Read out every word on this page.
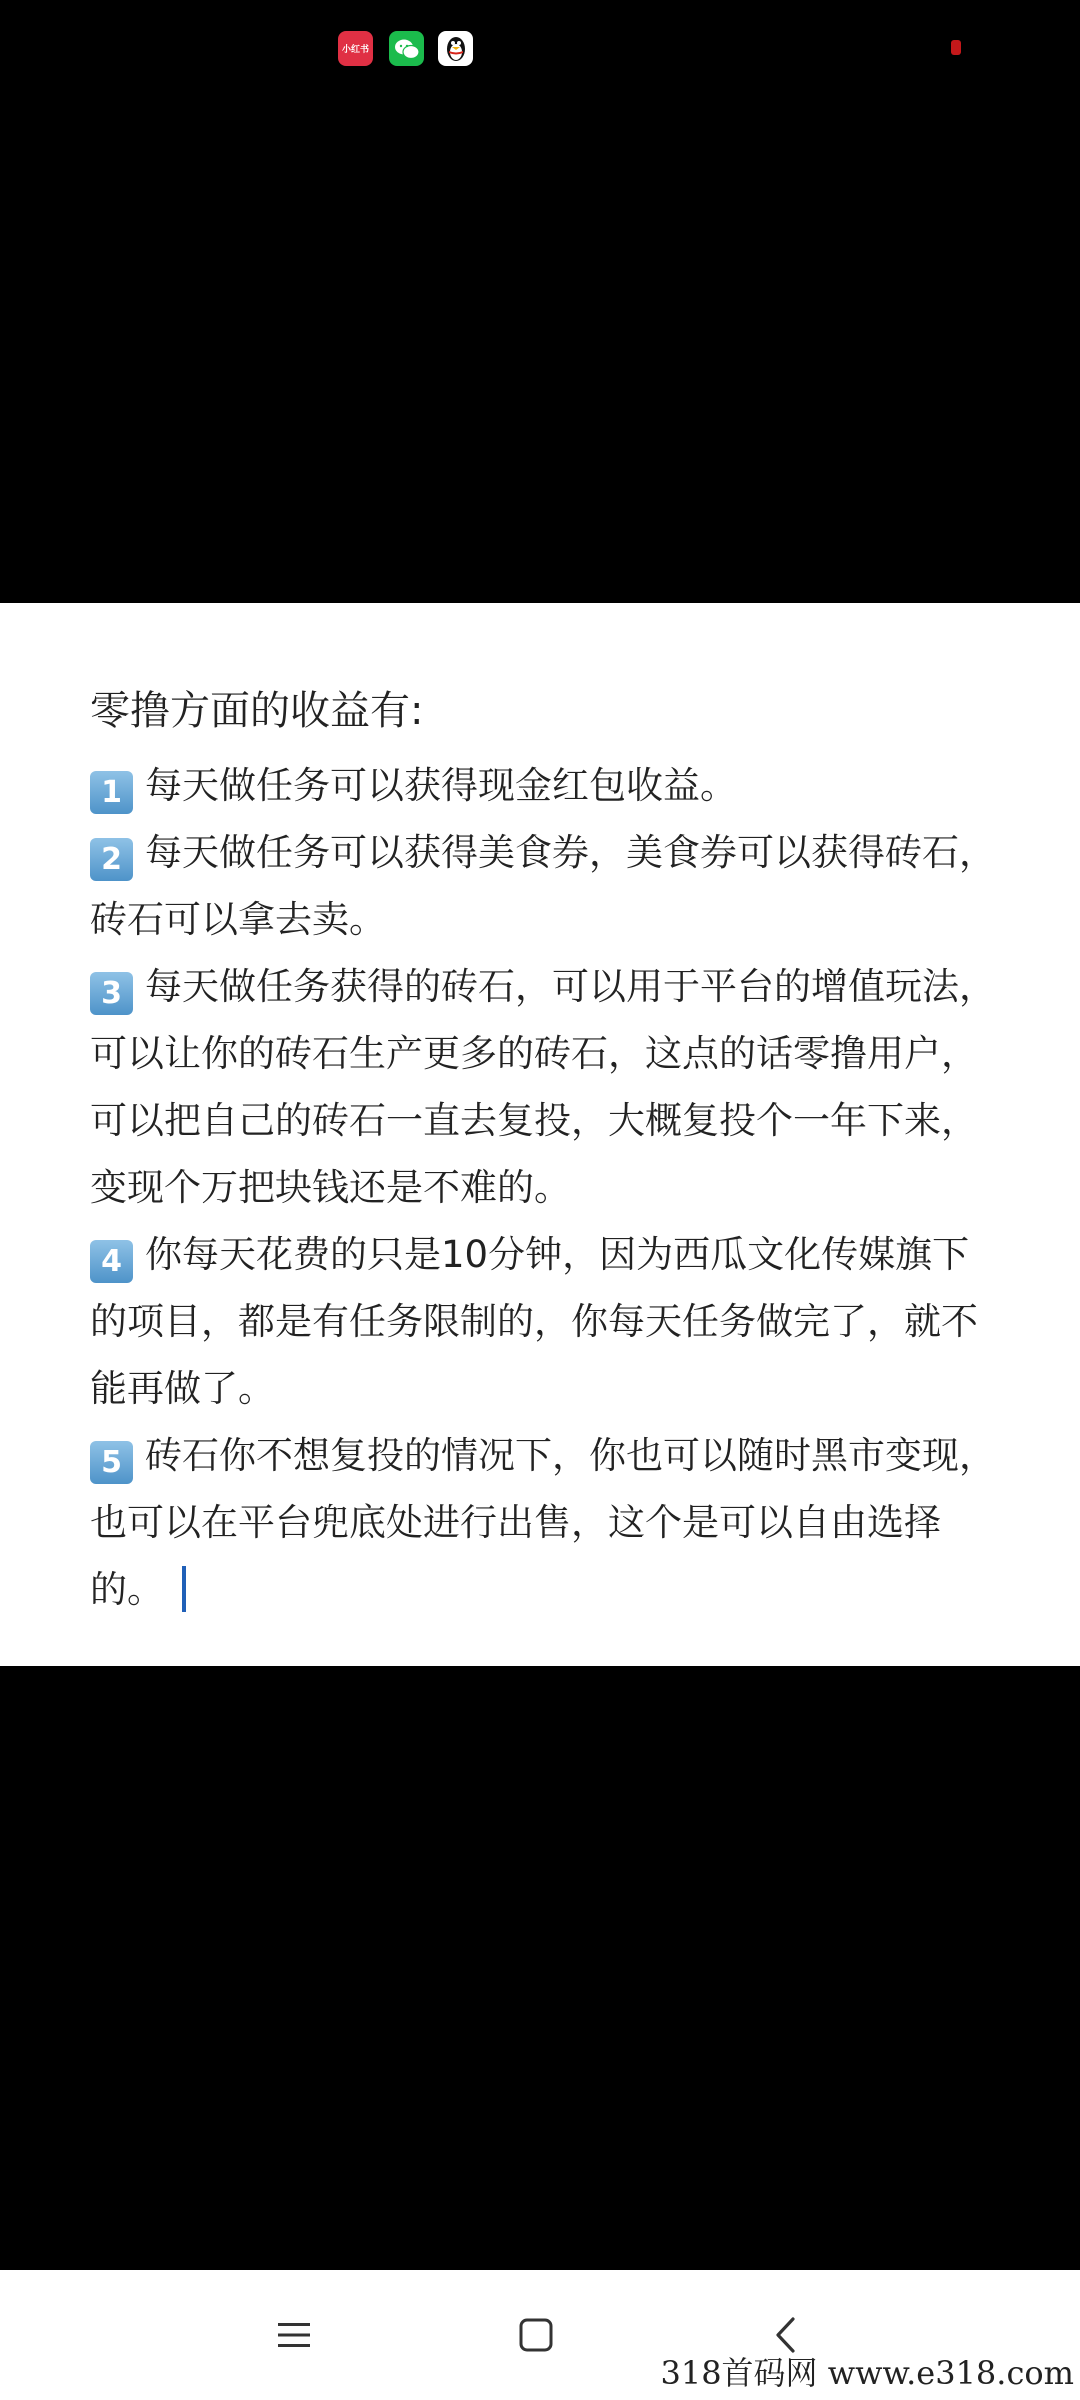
小红书
零撸方面的收益有:
1 每天做任务可以获得现金红包收益。
2 每天做任务可以获得美食券，美食券可以获得砖石，
砖石可以拿去卖。
3 每天做任务获得的砖石，可以用于平台的增值玩法，
可以让你的砖石生产更多的砖石，这点的话零撸用户，
可以把自己的砖石一直去复投，大概复投个一年下来，
变现个万把块钱还是不难的。
4 你每天花费的只是10分钟，因为西瓜文化传媒旗下
的项目，都是有任务限制的，你每天任务做完了，就不
能再做了。
5 砖石你不想复投的情况下，你也可以随时黑市变现，
也可以在平台兜底处进行出售，这个是可以自由选择
的。
318首码网 www.e318.com
